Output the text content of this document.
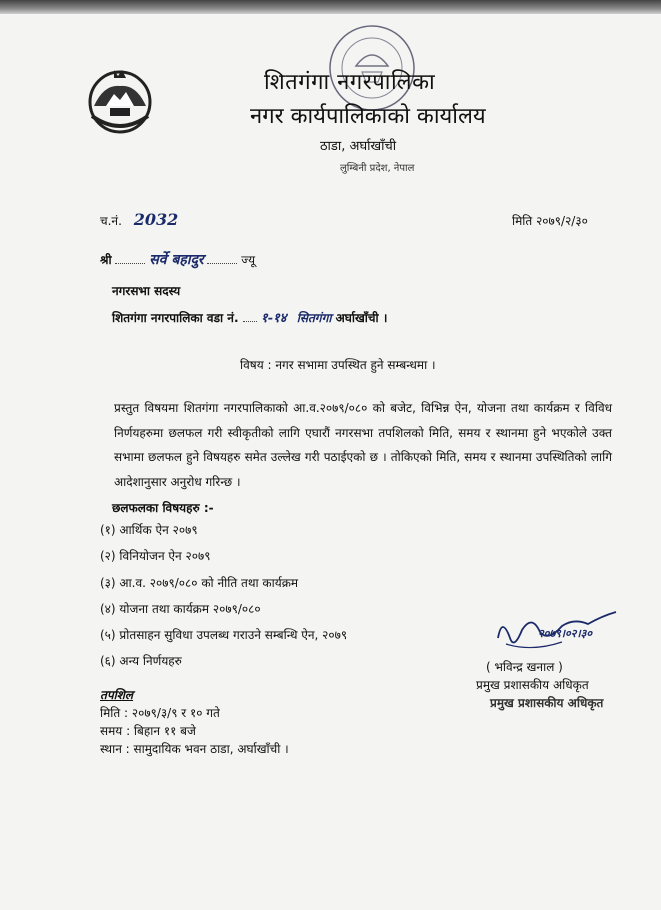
शितगंगा नगरपालिका
नगर कार्यपालिकाको कार्यालय
ठाडा, अर्घाखाँची
लुम्बिनी प्रदेश, नेपाल
च.नं. 2032	मिति २०७९/२/३०
श्री	सर्वे बहादुर	ज्यू
नगरसभा सदस्य
शितगंगा नगरपालिका वडा नं. १-१४ सितगंगा अर्घाखाँची ।
विषय : नगर सभामा उपस्थित हुने सम्बन्धमा ।
प्रस्तुत विषयमा शितगंगा नगरपालिकाको आ.व.२०७९/०८० को बजेट, विभिन्न ऐन, योजना तथा कार्यक्रम र विविध निर्णयहरुमा छलफल गरी स्वीकृतीको लागि एघारौं नगरसभा तपशिलको मिति, समय र स्थानमा हुने भएकोले उक्त सभामा छलफल हुने विषयहरु समेत उल्लेख गरी पठाईएको छ । तोकिएको मिति, समय र स्थानमा उपस्थितिको लागि आदेशानुसार अनुरोध गरिन्छ ।
छलफलका विषयहरु :-
(१) आर्थिक ऐन २०७९
(२) विनियोजन ऐन २०७९
(३) आ.व. २०७९/०८० को नीति तथा कार्यक्रम
(४) योजना तथा कार्यक्रम २०७९/०८०
(५) प्रोतसाहन सुविधा उपलब्ध गराउने सम्बन्धि ऐन, २०७९
(६) अन्य निर्णयहरु
२०७९।०२।३०
( भविन्द्र खनाल )
प्रमुख प्रशासकीय अधिकृत
प्रमुख प्रशासकीय अधिकृत
तपशिल
मिति : २०७९/३/९ र १० गते
समय : बिहान ११ बजे
स्थान : सामुदायिक भवन ठाडा, अर्घाखाँची ।
